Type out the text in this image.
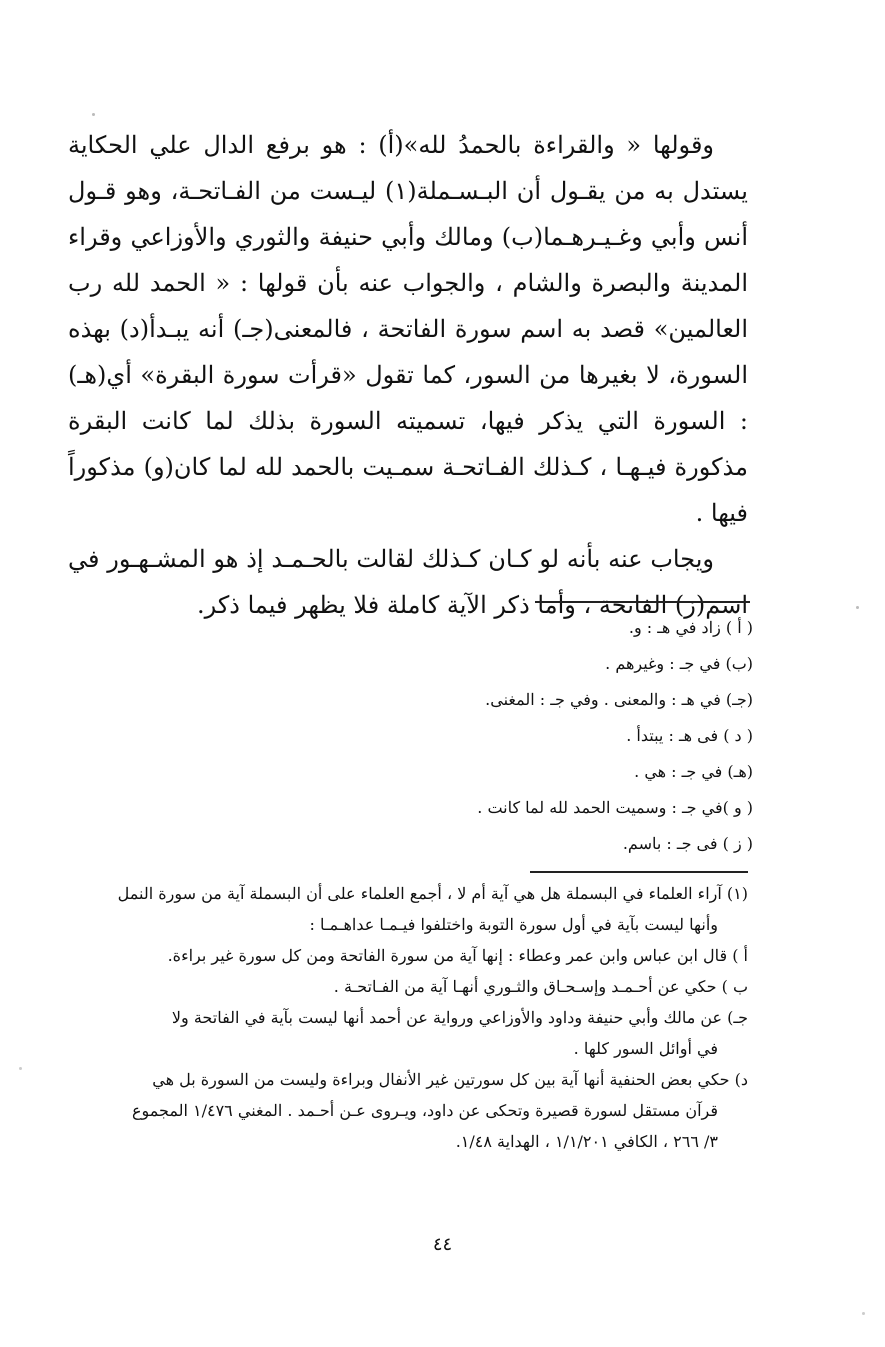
وقولها « والقراءة بالحمدُ لله»(أ) : هو برفع الدال علي الحكاية يستدل به من يقـول أن البـسـملة(١) ليـست من الفـاتحـة، وهو قـول أنس وأبي وغـيـرهـما(ب) ومالك وأبي حنيفة والثوري والأوزاعي وقراء المدينة والبصرة والشام ، والجواب عنه بأن قولها : « الحمد لله رب العالمين» قصد به اسم سورة الفاتحة ، فالمعنى(جـ) أنه يبـدأ(د) بهذه السورة، لا بغيرها من السور، كما تقول «قرأت سورة البقرة» أي(هـ) : السورة التي يذكر فيها، تسميته السورة بذلك لما كانت البقرة مذكورة فيـهـا ، كـذلك الفـاتحـة سمـيت بالحمد لله لما كان(و) مذكوراً فيها .

ويجاب عنه بأنه لو كـان كـذلك لقالت بالحـمـد إذ هو المشـهـور في اسم(ز) الفاتحة ، وأما ذكر الآية كاملة فلا يظهر فيما ذكر.

( أ ) زاد في هـ : و.
(ب) في جـ : وغيرهم .
(جـ) في هـ : والمعنى . وفي جـ : المغنى.
( د ) فى هـ : يبتدأ .
(هـ) في جـ : هي .
( و )في جـ : وسميت الحمد لله لما كانت .
( ز ) فى جـ : باسم.

(١) آراء العلماء في البسملة هل هي آية أم لا ، أجمع العلماء على أن البسملة آية من سورة النمل

وأنها ليست بآية في أول سورة التوبة واختلفوا فيـمـا عداهـمـا :

أ ) قال ابن عباس وابن عمر وعطاء : إنها آية من سورة الفاتحة ومن كل سورة غير براءة.

ب ) حكي عن أحـمـد وإسـحـاق والثـوري أنهـا آية من الفـاتحـة .

جـ) عن مالك وأبي حنيفة وداود والأوزاعي ورواية عن أحمد أنها ليست بآية في الفاتحة ولا

في أوائل السور كلها .

د) حكي بعض الحنفية أنها آية بين كل سورتين غير الأنفال وبراءة وليست من السورة بل هي

قرآن مستقل لسورة قصيرة وتحكى عن داود، ويـروى عـن أحـمد . المغني ١/٤٧٦ المجموع

٣/ ٢٦٦ ، الكافي ١/١/٢٠١ ، الهداية ١/٤٨.

٤٤
